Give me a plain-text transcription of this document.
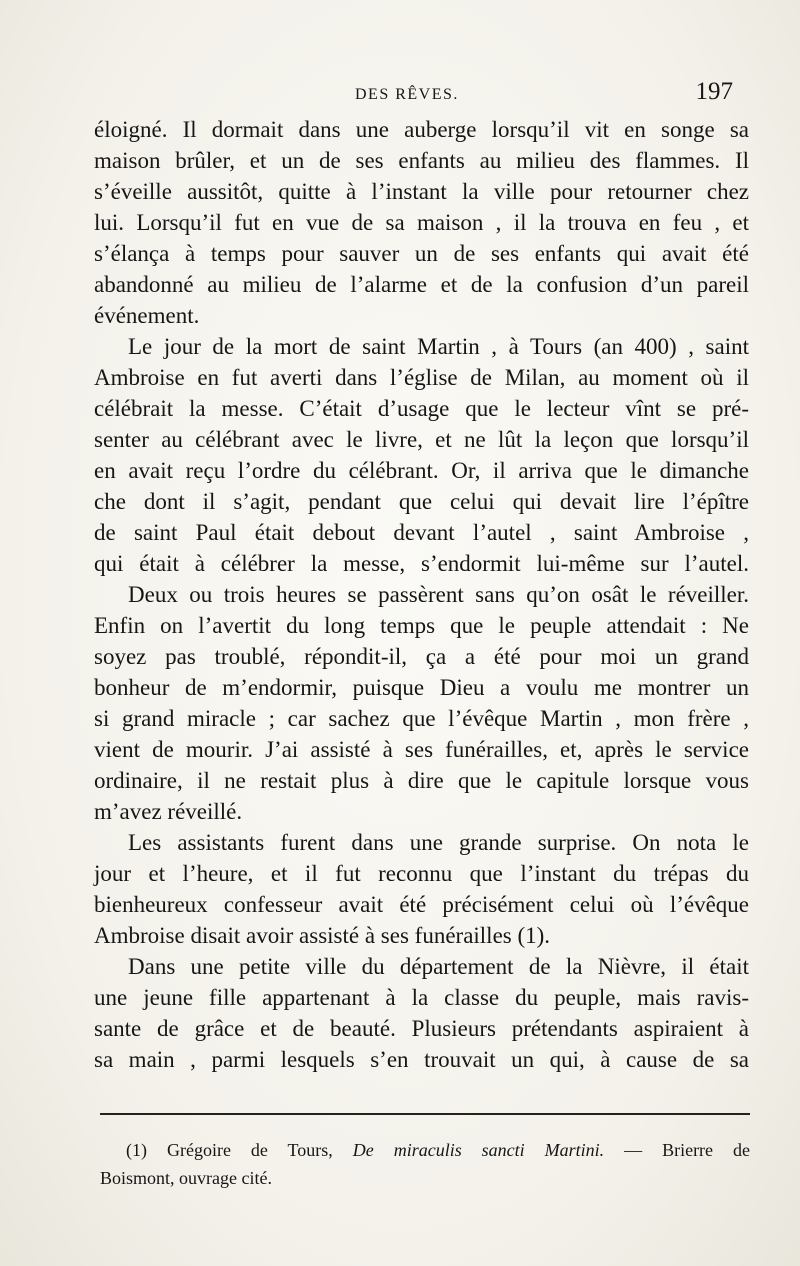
DES RÊVES.	197
éloigné. Il dormait dans une auberge lorsqu’il vit en songe sa
maison brûler, et un de ses enfants au milieu des flammes. Il
s’éveille aussitôt, quitte à l’instant la ville pour retourner chez
lui. Lorsqu’il fut en vue de sa maison , il la trouva en feu , et
s’élança à temps pour sauver un de ses enfants qui avait été
abandonné au milieu de l’alarme et de la confusion d’un pareil
événement.
Le jour de la mort de saint Martin , à Tours (an 400) , saint
Ambroise en fut averti dans l’église de Milan, au moment où il
célébrait la messe. C’était d’usage que le lecteur vînt se pré-
senter au célébrant avec le livre, et ne lût la leçon que lorsqu’il
en avait reçu l’ordre du célébrant. Or, il arriva que le dimanche
che dont il s’agit, pendant que celui qui devait lire l’épître
de saint Paul était debout devant l’autel , saint Ambroise ,
qui était à célébrer la messe, s’endormit lui-même sur l’autel.
Deux ou trois heures se passèrent sans qu’on osât le réveiller.
Enfin on l’avertit du long temps que le peuple attendait : Ne
soyez pas troublé, répondit-il, ça a été pour moi un grand
bonheur de m’endormir, puisque Dieu a voulu me montrer un
si grand miracle ; car sachez que l’évêque Martin , mon frère ,
vient de mourir. J’ai assisté à ses funérailles, et, après le service
ordinaire, il ne restait plus à dire que le capitule lorsque vous
m’avez réveillé.
Les assistants furent dans une grande surprise. On nota le
jour et l’heure, et il fut reconnu que l’instant du trépas du
bienheureux confesseur avait été précisément celui où l’évêque
Ambroise disait avoir assisté à ses funérailles (1).
Dans une petite ville du département de la Nièvre, il était
une jeune fille appartenant à la classe du peuple, mais ravis-
sante de grâce et de beauté. Plusieurs prétendants aspiraient à
sa main , parmi lesquels s’en trouvait un qui, à cause de sa
(1) Grégoire de Tours, De miraculis sancti Martini. — Brierre de
Boismont, ouvrage cité.
